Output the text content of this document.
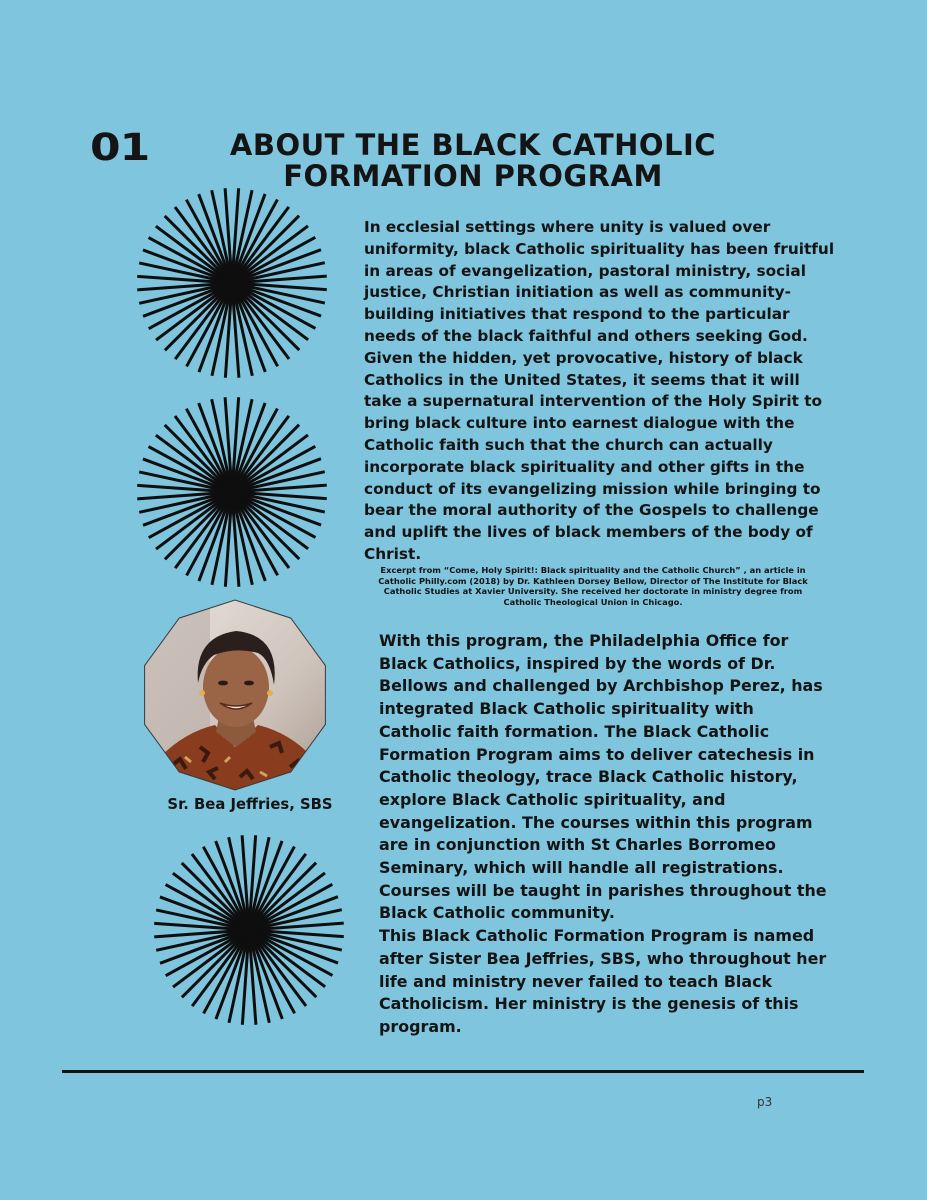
01	ABOUT THE BLACK CATHOLIC
FORMATION PROGRAM
In ecclesial settings where unity is valued over
uniformity, black Catholic spirituality has been fruitful
in areas of evangelization, pastoral ministry, social
justice, Christian initiation as well as community-
building initiatives that respond to the particular
needs of the black faithful and others seeking God.
Given the hidden, yet provocative, history of black
Catholics in the United States, it seems that it will
take a supernatural intervention of the Holy Spirit to
bring black culture into earnest dialogue with the
Catholic faith such that the church can actually
incorporate black spirituality and other gifts in the
conduct of its evangelizing mission while bringing to
bear the moral authority of the Gospels to challenge
and uplift the lives of black members of the body of
Christ.
Excerpt from “Come, Holy Spirit!: Black spirituality and the Catholic Church” , an article in
Catholic Philly.com (2018) by Dr. Kathleen Dorsey Bellow, Director of The Institute for Black
Catholic Studies at Xavier University. She received her doctorate in ministry degree from
Catholic Theological Union in Chicago.
Sr. Bea Jeffries, SBS
With this program, the Philadelphia Office for
Black Catholics, inspired by the words of Dr.
Bellows and challenged by Archbishop Perez, has
integrated Black Catholic spirituality with
Catholic faith formation. The Black Catholic
Formation Program aims to deliver catechesis in
Catholic theology, trace Black Catholic history,
explore Black Catholic spirituality, and
evangelization. The courses within this program
are in conjunction with St Charles Borromeo
Seminary, which will handle all registrations.
Courses will be taught in parishes throughout the
Black Catholic community.
This Black Catholic Formation Program is named
after Sister Bea Jeffries, SBS, who throughout her
life and ministry never failed to teach Black
Catholicism. Her ministry is the genesis of this
program.
p3
